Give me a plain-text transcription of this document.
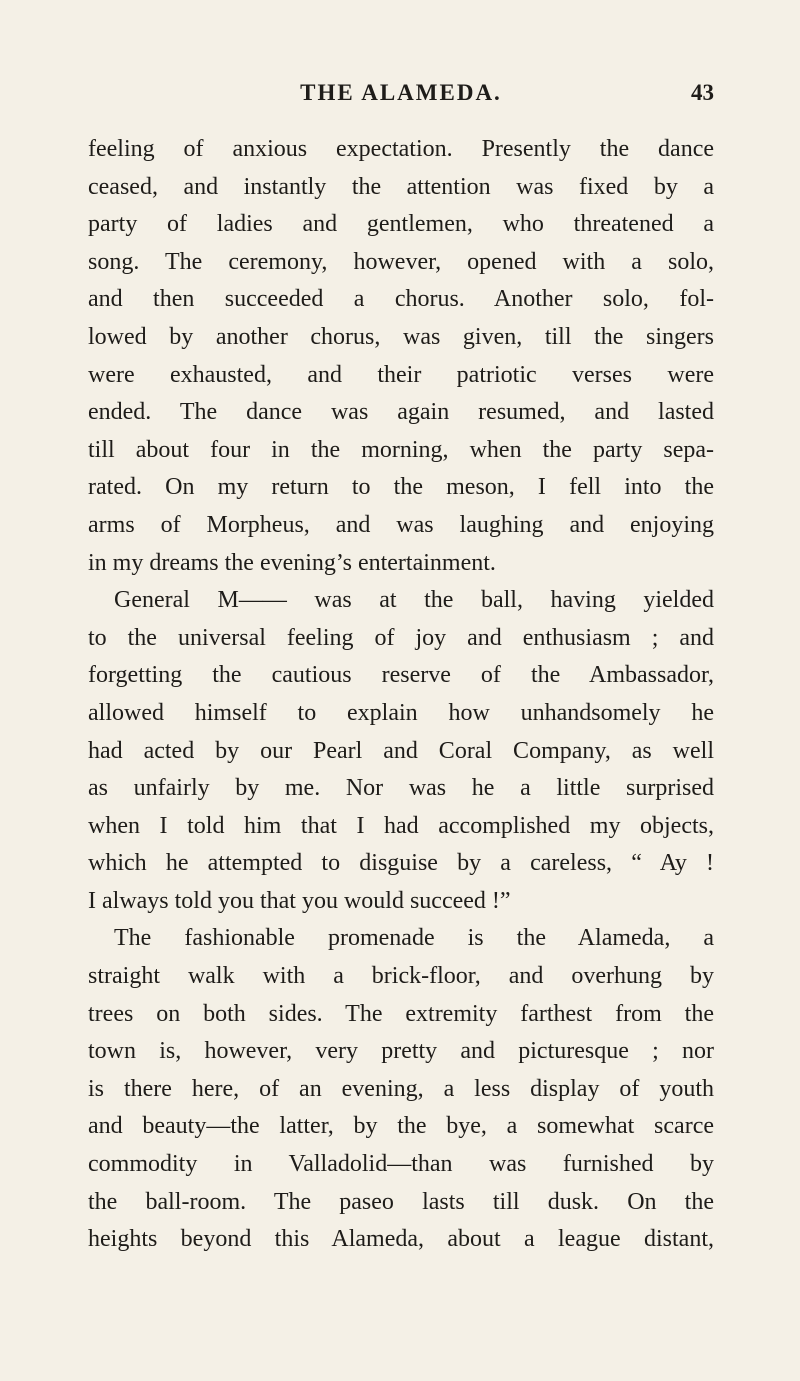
THE ALAMEDA.	43
feeling of anxious expectation. Presently the dance
ceased, and instantly the attention was fixed by a
party of ladies and gentlemen, who threatened a
song. The ceremony, however, opened with a solo,
and then succeeded a chorus. Another solo, fol-
lowed by another chorus, was given, till the singers
were exhausted, and their patriotic verses were
ended. The dance was again resumed, and lasted
till about four in the morning, when the party sepa-
rated. On my return to the meson, I fell into the
arms of Morpheus, and was laughing and enjoying
in my dreams the evening’s entertainment.
General M—— was at the ball, having yielded
to the universal feeling of joy and enthusiasm ; and
forgetting the cautious reserve of the Ambassador,
allowed himself to explain how unhandsomely he
had acted by our Pearl and Coral Company, as well
as unfairly by me. Nor was he a little surprised
when I told him that I had accomplished my objects,
which he attempted to disguise by a careless, “ Ay !
I always told you that you would succeed !”
The fashionable promenade is the Alameda, a
straight walk with a brick-floor, and overhung by
trees on both sides. The extremity farthest from the
town is, however, very pretty and picturesque ; nor
is there here, of an evening, a less display of youth
and beauty—the latter, by the bye, a somewhat scarce
commodity in Valladolid—than was furnished by
the ball-room. The paseo lasts till dusk. On the
heights beyond this Alameda, about a league distant,
